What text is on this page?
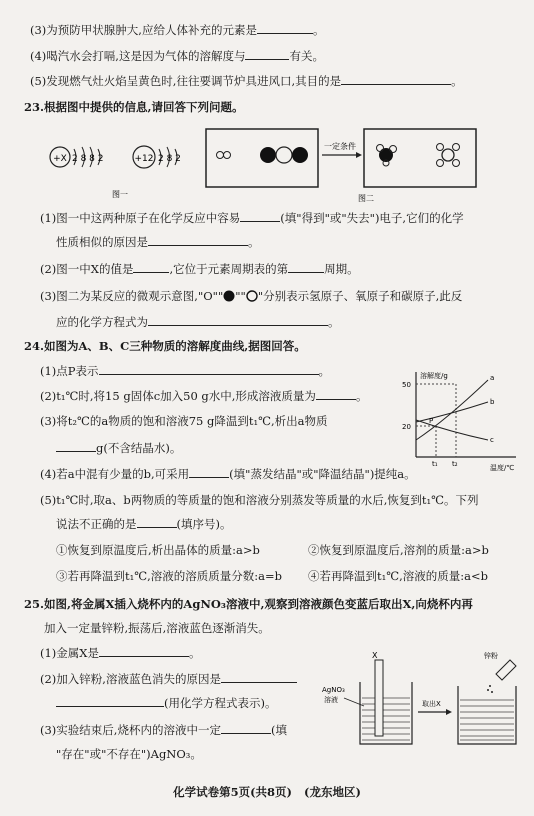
(3)为预防甲状腺肿大,应给人体补充的元素是	。
(4)喝汽水会打嗝,这是因为气体的溶解度与	有关。
(5)发现燃气灶火焰呈黄色时,往往要调节炉具进风口,其目的是	。
23.根据图中提供的信息,请回答下列问题。
+X 2 8 8 2	+12 2 8 2
图一
一定条件
图二
(1)图一中这两种原子在化学反应中容易	(填"得到"或"失去")电子,它们的化学
性质相似的原因是	。
(2)图一中X的值是	,它位于元素周期表的第	周期。
(3)图二为某反应的微观示意图,"O"" "" "分别表示氢原子、氧原子和碳原子,此反
应的化学方程式为	。
24.如图为A、B、C三种物质的溶解度曲线,据图回答。
(1)点P表示	。
(2)t₁℃时,将15 g固体c加入50 g水中,形成溶液质量为	。
(3)将t₂℃的a物质的饱和溶液75 g降温到t₁℃,析出a物质
g(不含结晶水)。
溶解度/g
温度/℃
50
20
a
b
c
P
t₁ t₂
(4)若a中混有少量的b,可采用	(填"蒸发结晶"或"降温结晶")提纯a。
(5)t₁℃时,取a、b两物质的等质量的饱和溶液分别蒸发等质量的水后,恢复到t₁℃。下列
说法不正确的是	(填序号)。
①恢复到原温度后,析出晶体的质量:a>b	②恢复到原温度后,溶剂的质量:a>b
③若再降温到t₁℃,溶液的溶质质量分数:a=b ④若再降温到t₁℃,溶液的质量:a<b
25.如图,将金属X插入烧杯内的AgNO₃溶液中,观察到溶液颜色变蓝后取出X,向烧杯内再
加入一定量锌粉,振荡后,溶液蓝色逐渐消失。
(1)金属X是	。
(2)加入锌粉,溶液蓝色消失的原因是
(用化学方程式表示)。
(3)实验结束后,烧杯内的溶液中一定	(填
"存在"或"不存在")AgNO₃。
X
AgNO₃
溶液	取出X
锌粉
化学试卷第5页(共8页) (龙东地区)
